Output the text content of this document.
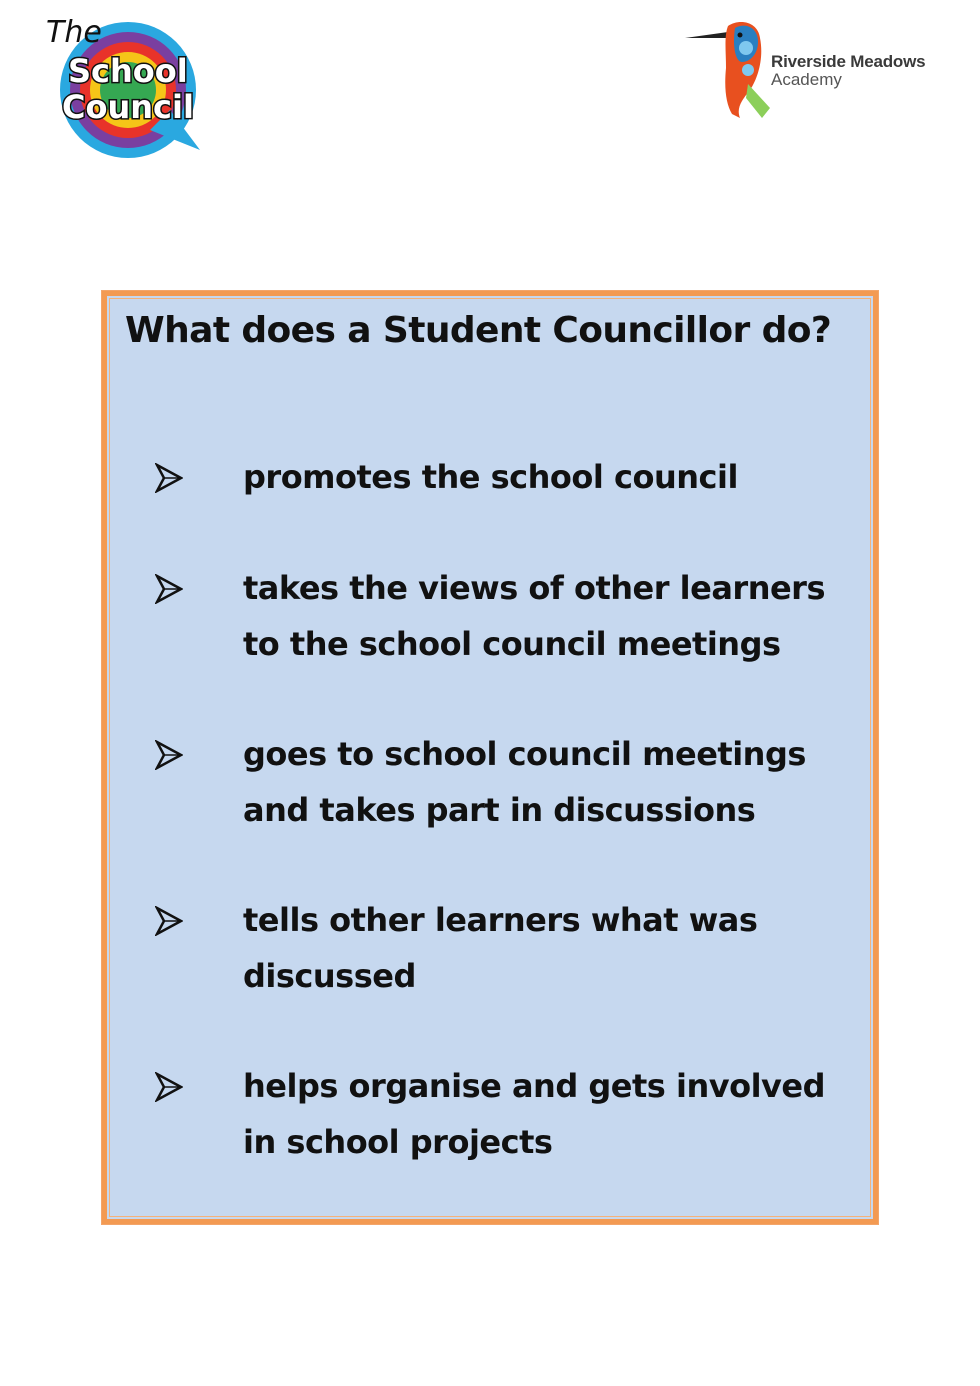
The
School
Council
Riverside Meadows
Academy
What does a Student Councillor do?
promotes the school council
takes the views of other learners to the school council meetings
goes to school council meetings and takes part in discussions
tells other learners what was discussed
helps organise and gets involved in school projects
